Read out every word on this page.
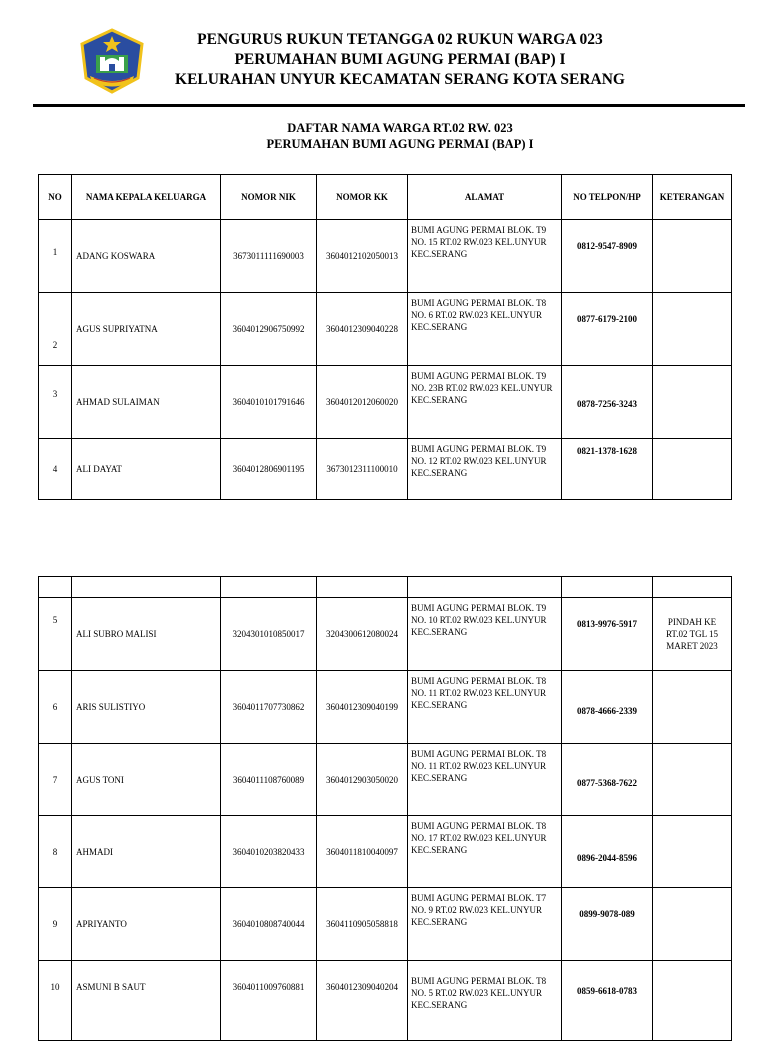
PENGURUS RUKUN TETANGGA 02 RUKUN WARGA 023
PERUMAHAN BUMI AGUNG PERMAI (BAP) I
KELURAHAN UNYUR KECAMATAN SERANG KOTA SERANG
DAFTAR NAMA WARGA RT.02 RW. 023
PERUMAHAN BUMI AGUNG PERMAI (BAP) I
NO	NAMA KEPALA KELUARGA	NOMOR NIK	NOMOR KK	ALAMAT	NO TELPON/HP	KETERANGAN
1	ADANG KOSWARA	3673011111690003	3604012102050013	BUMI AGUNG PERMAI BLOK. T9 NO. 15 RT.02 RW.023 KEL.UNYUR KEC.SERANG	0812-9547-8909	
2	AGUS SUPRIYATNA	3604012906750992	3604012309040228	BUMI AGUNG PERMAI BLOK. T8 NO. 6 RT.02 RW.023 KEL.UNYUR KEC.SERANG	0877-6179-2100	
3	AHMAD SULAIMAN	3604010101791646	3604012012060020	BUMI AGUNG PERMAI BLOK. T9 NO. 23B RT.02 RW.023 KEL.UNYUR KEC.SERANG	0878-7256-3243	
4	ALI DAYAT	3604012806901195	3673012311100010	BUMI AGUNG PERMAI BLOK. T9 NO. 12 RT.02 RW.023 KEL.UNYUR KEC.SERANG	0821-1378-1628	

5	ALI SUBRO MALISI	3204301010850017	3204300612080024	BUMI AGUNG PERMAI BLOK. T9 NO. 10 RT.02 RW.023 KEL.UNYUR KEC.SERANG	0813-9976-5917	PINDAH KE RT.02 TGL 15 MARET 2023
6	ARIS SULISTIYO	3604011707730862	3604012309040199	BUMI AGUNG PERMAI BLOK. T8 NO. 11 RT.02 RW.023 KEL.UNYUR KEC.SERANG	0878-4666-2339	
7	AGUS TONI	3604011108760089	3604012903050020	BUMI AGUNG PERMAI BLOK. T8 NO. 11 RT.02 RW.023 KEL.UNYUR KEC.SERANG	0877-5368-7622	
8	AHMADI	3604010203820433	3604011810040097	BUMI AGUNG PERMAI BLOK. T8 NO. 17 RT.02 RW.023 KEL.UNYUR KEC.SERANG	0896-2044-8596	
9	APRIYANTO	3604010808740044	3604110905058818	BUMI AGUNG PERMAI BLOK. T7 NO. 9 RT.02 RW.023 KEL.UNYUR KEC.SERANG	0899-9078-089	
10	ASMUNI B SAUT	3604011009760881	3604012309040204	BUMI AGUNG PERMAI BLOK. T8 NO. 5 RT.02 RW.023 KEL.UNYUR KEC.SERANG	0859-6618-0783	
